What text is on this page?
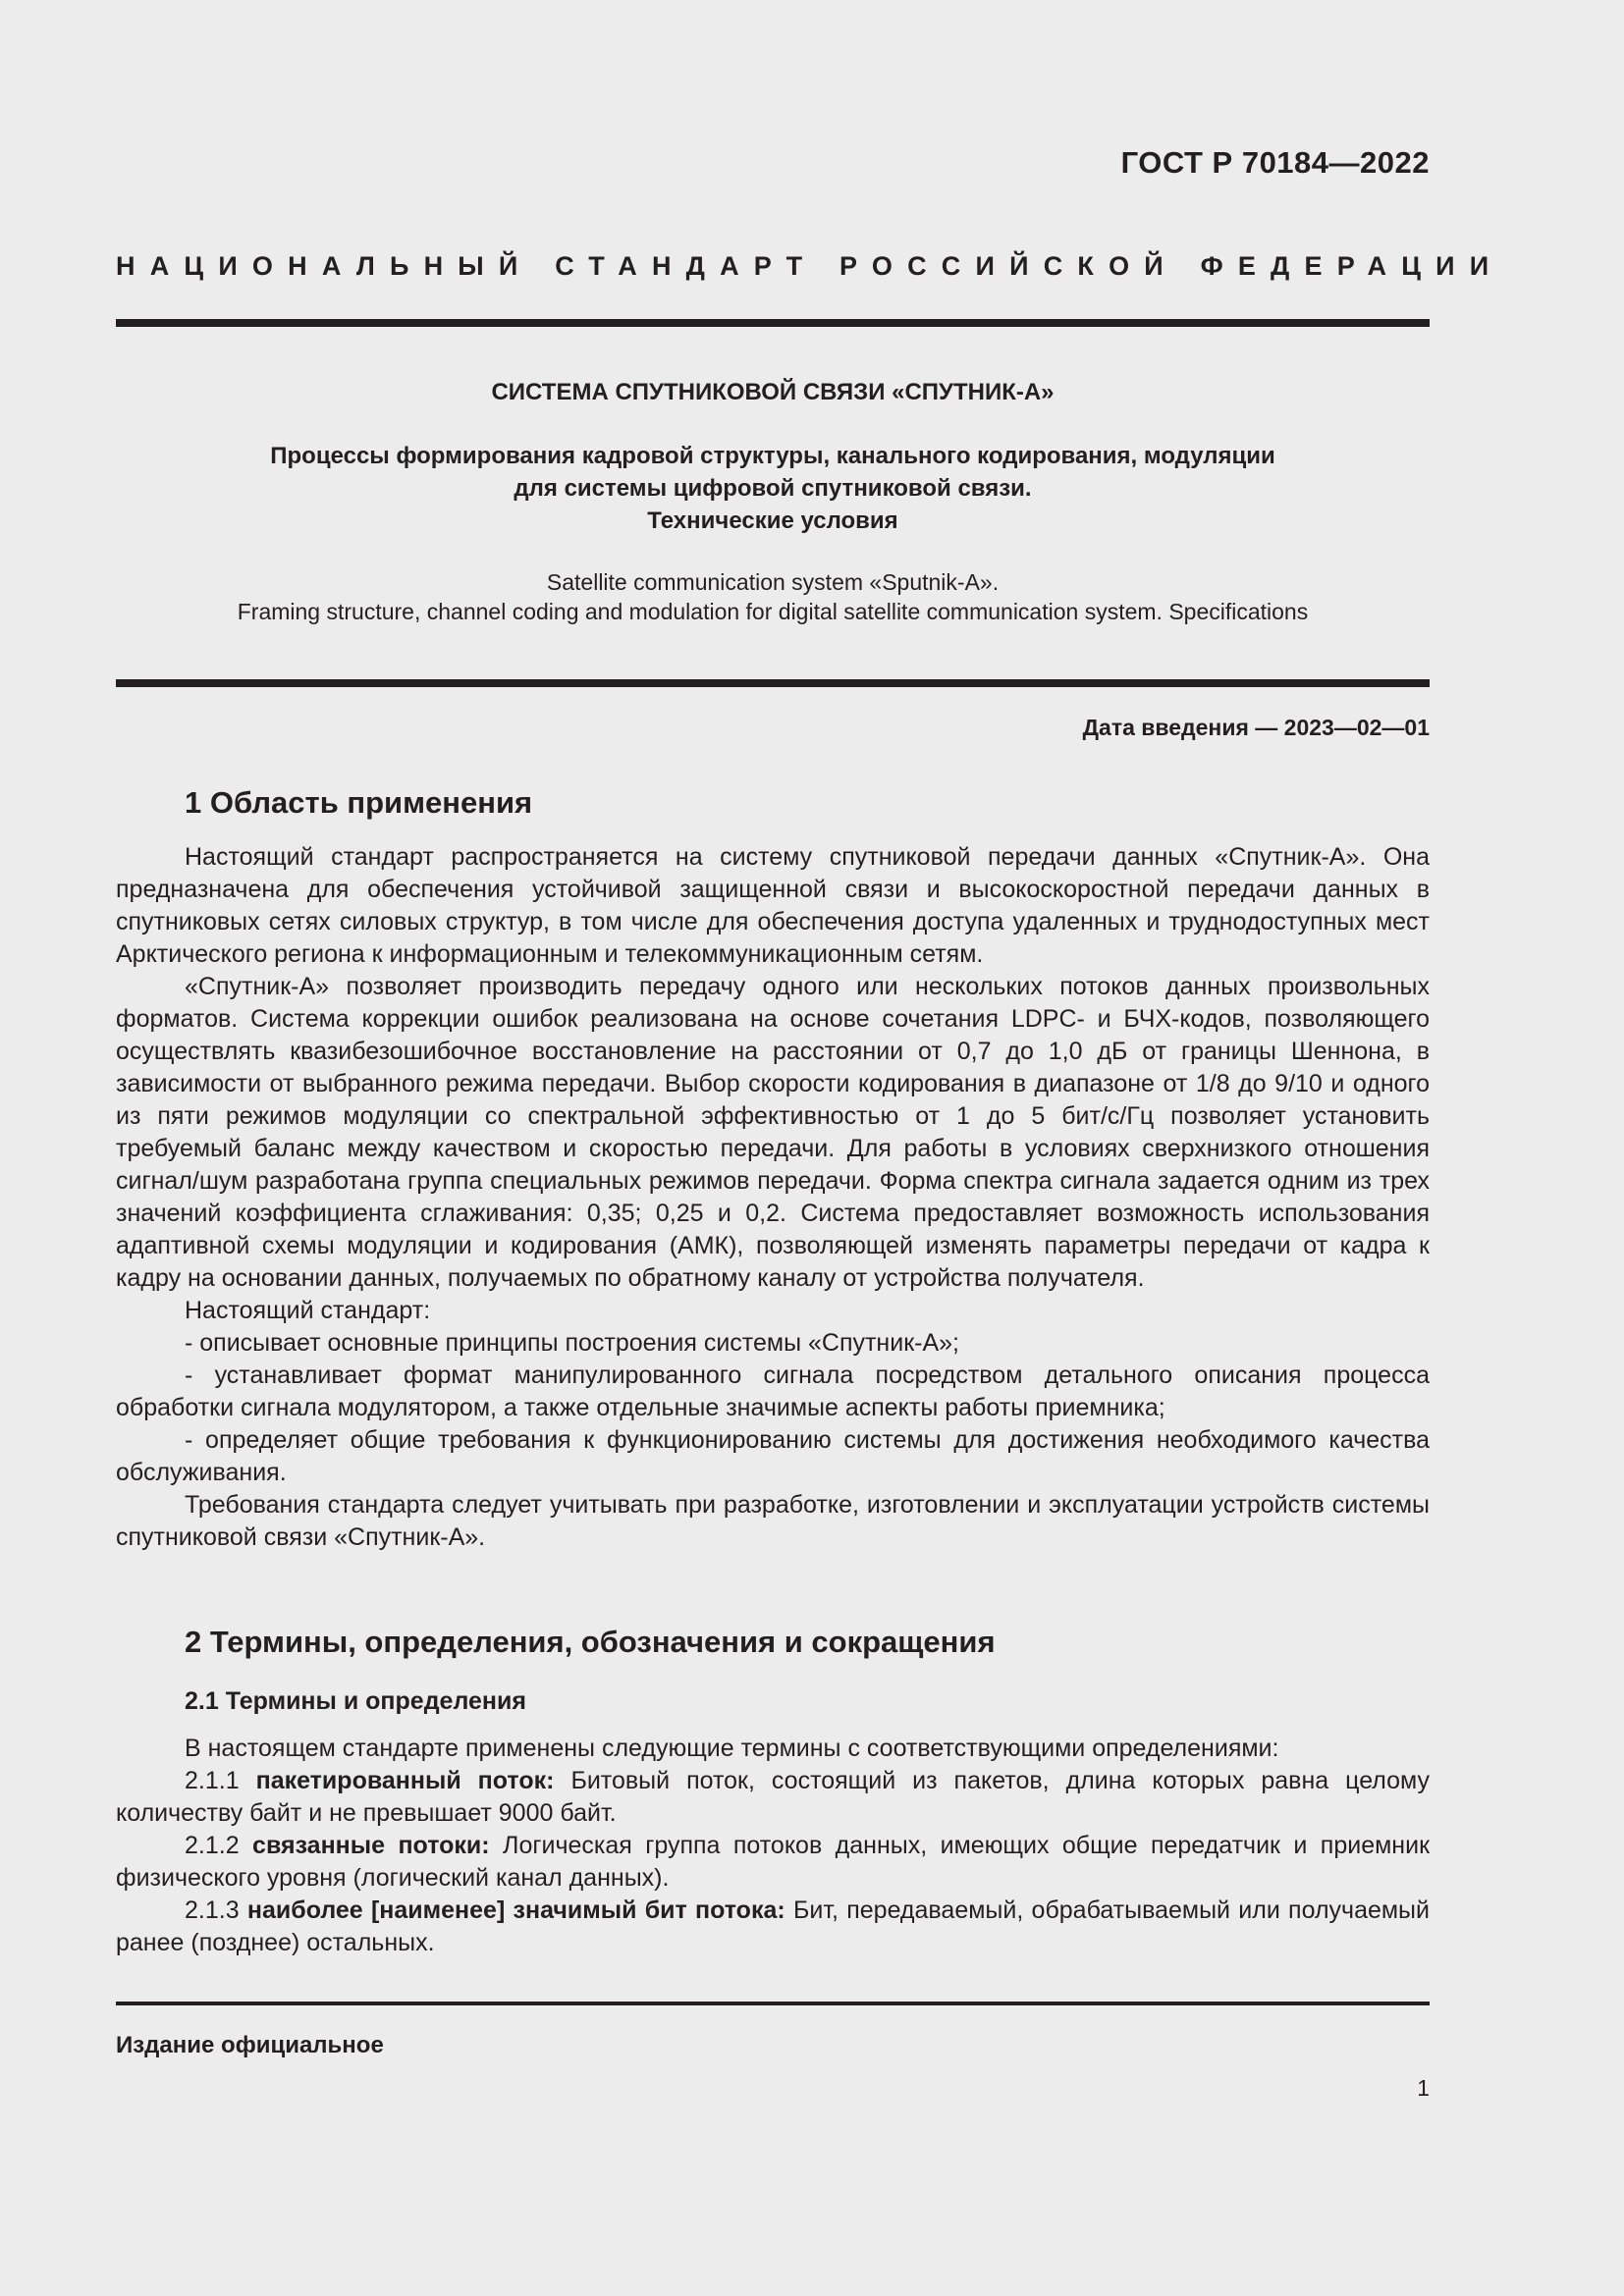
ГОСТ Р 70184—2022
НАЦИОНАЛЬНЫЙ СТАНДАРТ РОССИЙСКОЙ ФЕДЕРАЦИИ
СИСТЕМА СПУТНИКОВОЙ СВЯЗИ «СПУТНИК-А»
Процессы формирования кадровой структуры, канального кодирования, модуляции
для системы цифровой спутниковой связи.
Технические условия
Satellite communication system «Sputnik-A».
Framing structure, channel coding and modulation for digital satellite communication system. Specifications
Дата введения — 2023—02—01
1 Область применения

Настоящий стандарт распространяется на систему спутниковой передачи данных «Спутник-А». Она предназначена для обеспечения устойчивой защищенной связи и высокоскоростной передачи данных в спутниковых сетях силовых структур, в том числе для обеспечения доступа удаленных и труднодоступных мест Арктического региона к информационным и телекоммуникационным сетям.

«Спутник-А» позволяет производить передачу одного или нескольких потоков данных произвольных форматов. Система коррекции ошибок реализована на основе сочетания LDPC- и БЧХ-кодов, позволяющего осуществлять квазибезошибочное восстановление на расстоянии от 0,7 до 1,0 дБ от границы Шеннона, в зависимости от выбранного режима передачи. Выбор скорости кодирования в диапазоне от 1/8 до 9/10 и одного из пяти режимов модуляции со спектральной эффективностью от 1 до 5 бит/с/Гц позволяет установить требуемый баланс между качеством и скоростью передачи. Для работы в условиях сверхнизкого отношения сигнал/шум разработана группа специальных режимов передачи. Форма спектра сигнала задается одним из трех значений коэффициента сглаживания: 0,35; 0,25 и 0,2. Система предоставляет возможность использования адаптивной схемы модуляции и кодирования (АМК), позволяющей изменять параметры передачи от кадра к кадру на основании данных, получаемых по обратному каналу от устройства получателя.

Настоящий стандарт:

- описывает основные принципы построения системы «Спутник-А»;

- устанавливает формат манипулированного сигнала посредством детального описания процесса обработки сигнала модулятором, а также отдельные значимые аспекты работы приемника;

- определяет общие требования к функционированию системы для достижения необходимого качества обслуживания.

Требования стандарта следует учитывать при разработке, изготовлении и эксплуатации устройств системы спутниковой связи «Спутник-А».

2 Термины, определения, обозначения и сокращения
2.1 Термины и определения

В настоящем стандарте применены следующие термины с соответствующими определениями:

2.1.1 пакетированный поток: Битовый поток, состоящий из пакетов, длина которых равна целому количеству байт и не превышает 9000 байт.

2.1.2 связанные потоки: Логическая группа потоков данных, имеющих общие передатчик и приемник физического уровня (логический канал данных).

2.1.3 наиболее [наименее] значимый бит потока: Бит, передаваемый, обрабатываемый или получаемый ранее (позднее) остальных.

Издание официальное
1
